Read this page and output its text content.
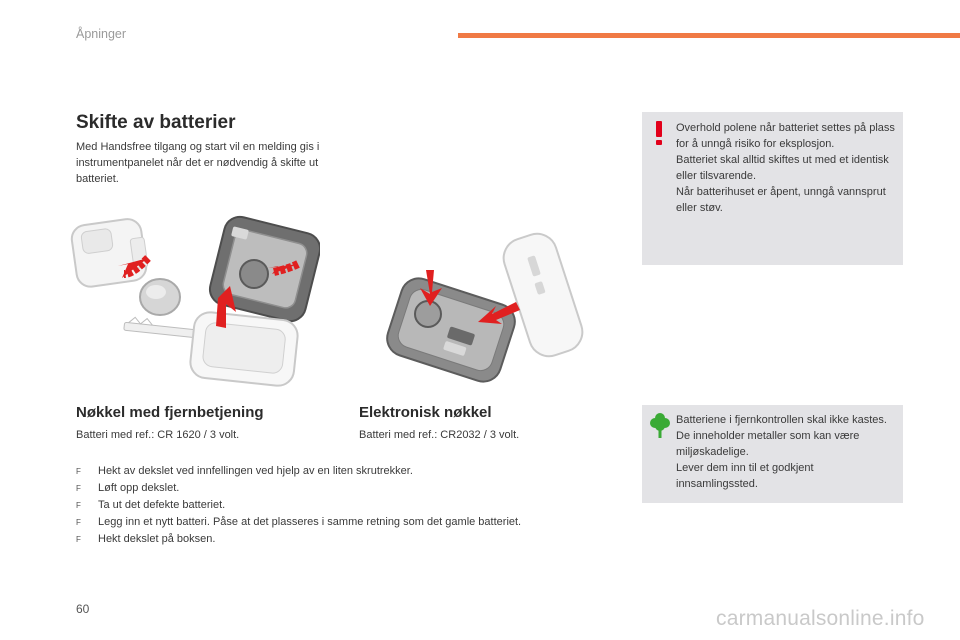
Åpninger
Skifte av batterier

Med Handsfree tilgang og start vil en melding gis i instrumentpanelet når det er nødvendig å skifte ut batteriet.

Nøkkel med fjernbetjening

Batteri med ref.: CR 1620 / 3 volt.

Elektronisk nøkkel

Batteri med ref.: CR2032 / 3 volt.

F	Hekt av dekslet ved innfellingen ved hjelp av en liten skrutrekker.
F	Løft opp dekslet.
F	Ta ut det defekte batteriet.
F	Legg inn et nytt batteri. Påse at det plasseres i samme retning som det gamle batteriet.
F	Hekt dekslet på boksen.
Overhold polene når batteriet settes på plass for å unngå risiko for eksplosjon.
Batteriet skal alltid skiftes ut med et identisk eller tilsvarende.
Når batterihuset er åpent, unngå vannsprut eller støv.
Batteriene i fjernkontrollen skal ikke kastes. De inneholder metaller som kan være miljøskadelige.
Lever dem inn til et godkjent innsamlingssted.
60	carmanualsonline.info
